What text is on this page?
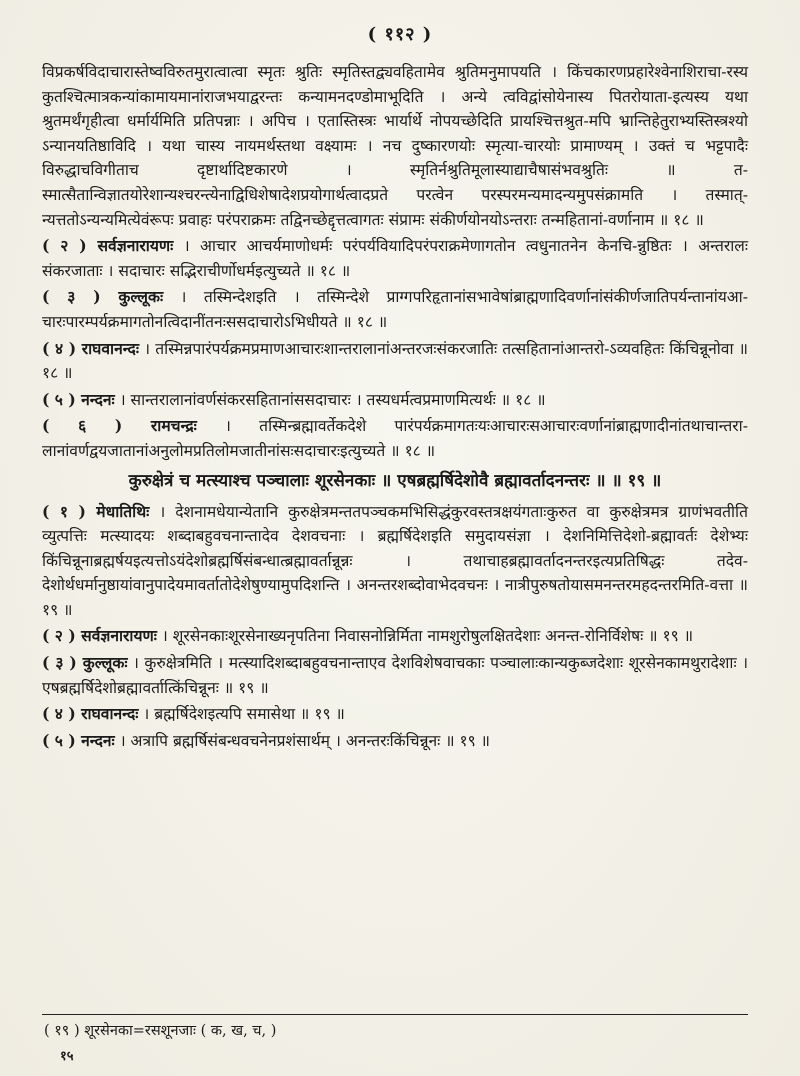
( ११२ )

विप्रकर्षविदाचारास्तेष्वविरुतमुरात्वात्वा स्मृतः श्रुतिः स्मृतिस्तद्व्यवहितामेव श्रुतिमनुमापयति । किंचकारणप्रहारेश्वेनाशिराचा-रस्य कुतश्चित्मात्रकन्यांकामायमानांराजभयाद्वरन्तः कन्यामनदण्डोमाभूदिति । अन्ये त्वविद्वांसोयेनास्य पितरोयाता-इत्यस्य यथा श्रुतमर्थंगृहीत्वा धर्मार्यमिति प्रतिपन्नाः । अपिच । एतास्तिस्त्रः भार्यार्थे नोपयच्छेदिति प्रायश्चित्तश्रुत-मपि भ्रान्तिहेतुराभ्यस्तिस्त्रश्यो ऽन्यानयतिष्ठाविदि । यथा चास्य नायमर्थस्तथा वक्ष्यामः । नच दुष्कारणयोः स्मृत्या-चारयोः प्रामाण्यम् । उक्तं च भट्टपादैः विरुद्धाचविगीताच दृष्टार्थादिष्टकारणे । स्मृतिर्नश्रुतिमूलास्याद्याचैषासंभवश्रुतिः ॥ त-स्मात्सैतान्विज्ञातयोरेशान्यश्चरन्त्येनाद्विधिशेषादेशप्रयोगार्थत्वादप्रते परत्वेन परस्परमन्यमादन्यमुपसंक्रामति । तस्मात्-न्यत्ततोऽन्यन्यमित्येवंरूपः प्रवाहः परंपराक्रमः तद्विनच्छेद्दृत्तत्वागतः संप्रामः संकीर्णयोनयोऽन्तराः तन्महितानां-वर्णानाम ॥ १८ ॥

( २ ) सर्वज्ञनारायणः । आचार आचर्यमाणोधर्मः परंपर्यवियादिपरंपराक्रमेणागतोन त्वधुनातनेन केनचि-न्नुष्ठितः । अन्तरालः संकरजाताः । सदाचारः सद्भिराचीर्णोधर्मइत्युच्यते ॥ १८ ॥

( ३ ) कुल्लूकः । तस्मिन्देशइति । तस्मिन्देशे प्राग्गपरिहृतानांसभावेषांब्राह्मणादिवर्णानांसंकीर्णजातिपर्यन्तानांयआ-चारःपारम्पर्यक्रमागतोनत्विदानींतनःससदाचारोऽभिधीयते ॥ १८ ॥

( ४ ) राघवानन्दः । तस्मिन्नपारंपर्यक्रमप्रमाणआचारःशान्तरालानांअन्तरजःसंकरजातिः तत्सहितानांआन्तरो-ऽव्यवहितः किंचिन्नूनोवा ॥१८ ॥

( ५ ) नन्दनः । सान्तरालानांवर्णसंकरसहितानांससदाचारः । तस्यधर्मत्वप्रमाणमित्यर्थः ॥ १८ ॥

( ६ ) रामचन्द्रः । तस्मिन्ब्रह्मावर्तेकदेशे पारंपर्यक्रमागतःयःआचारःसआचारःवर्णानांब्राह्मणादीनांतथाचान्तरा-लानांवर्णद्वयजातानांअनुलोमप्रतिलोमजातीनांसःसदाचारःइत्युच्यते ॥ १८ ॥

कुरुक्षेत्रं च मत्स्याश्च पञ्चालाः शूरसेनकाः ॥ एषब्रह्मर्षिदेशोवै ब्रह्मावर्तादनन्तरः ॥ ॥ १९ ॥

( १ ) मेधातिथिः । देशनामधेयान्येतानि कुरुक्षेत्रमन्ततपञ्चकमभिसिद्धंकुरवस्तत्रक्षयंगताःकुरुत वा कुरुक्षेत्रमत्र ग्राणंभवतीति व्युत्पत्तिः मत्स्यादयः शब्दाबहुवचनान्तादेव देशवचनाः । ब्रह्मर्षिदेशइति समुदायसंज्ञा । देशनिमित्तिदेशो-ब्रह्मावर्तः देशेभ्यः किंचिन्नूनाब्रह्मर्षयइत्यत्तोऽयंदेशोब्रह्मर्षिसंबन्धात्ब्रह्मावर्तान्नून्नः । तथाचाहब्रह्मावर्तादनन्तरइत्यप्रतिषिद्धः तदेव-देशोर्थधर्मानुष्ठायांवानुपादेयमावर्तातोदेशेषुण्यामुपदिशन्ति । अनन्तरशब्दोवाभेदवचनः । नात्रीपुरुषतोयासमनन्तरमहदन्तरमिति-वत्ता ॥ १९ ॥

( २ ) सर्वज्ञनारायणः । शूरसेनकाःशूरसेनाख्यनृपतिना निवासनोन्निर्मिता नामशुरोषुलक्षितदेशाः अनन्त-रोनिर्विशेषः ॥ १९ ॥

( ३ ) कुल्लूकः । कुरुक्षेत्रमिति । मत्स्यादिशब्दाबहुवचनान्ताएव देशविशेषवाचकाः पञ्चालाःकान्यकुब्जदेशाः शूरसेनकामथुरादेशाः । एषब्रह्मर्षिदेशोब्रह्मावर्तात्किंचिन्नूनः ॥ १९ ॥

( ४ ) राघवानन्दः । ब्रह्मर्षिदेशइत्यपि समासेथा ॥ १९ ॥

( ५ ) नन्दनः । अत्रापि ब्रह्मर्षिसंबन्धवचनेनप्रशंसार्थम् । अनन्तरःकिंचिन्नूनः ॥ १९ ॥

( १९ ) शूरसेनका=रसशूनजाः ( क, ख, च, )
१५
